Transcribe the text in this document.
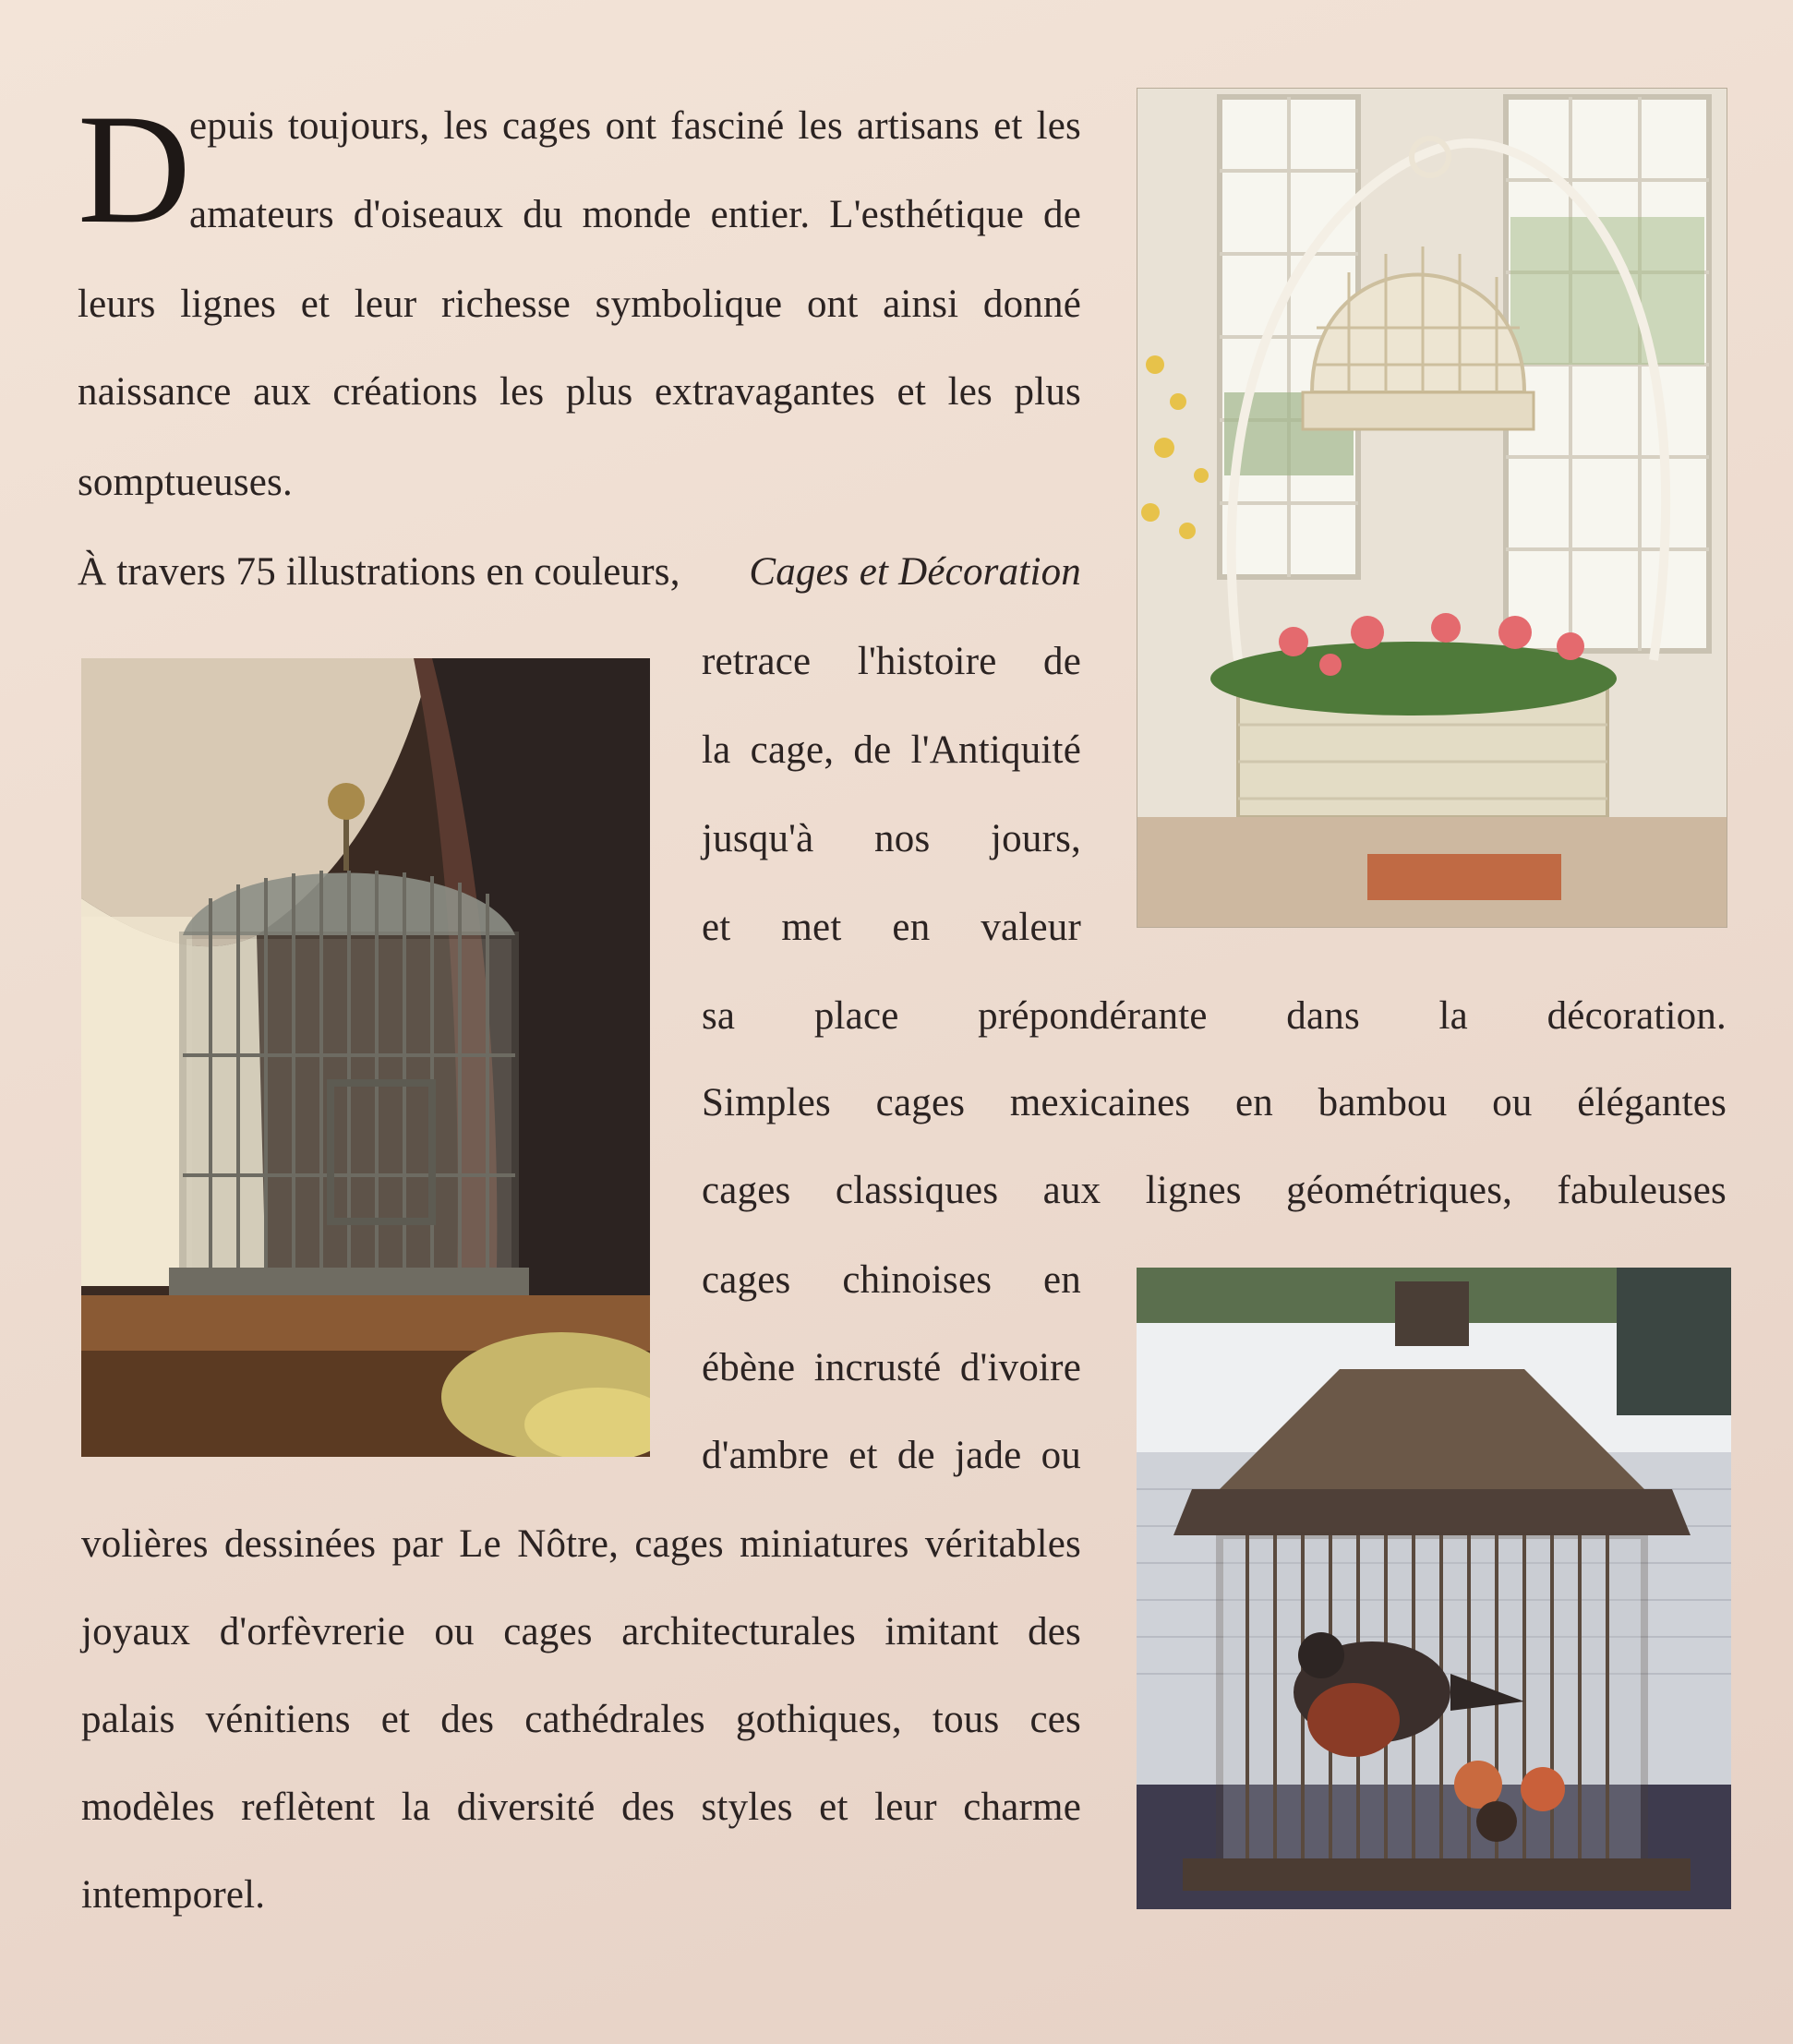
D
epuis toujours, les cages ont fasciné les artisans et les
amateurs d'oiseaux du monde entier. L'esthétique de
leurs lignes et leur richesse symbolique ont ainsi donné
naissance aux créations les plus extravagantes et les plus
somptueuses.
À travers 75 illustrations en couleurs, Cages et Décoration
retrace l'histoire de
la cage, de l'Antiquité
jusqu'à nos jours,
et met en valeur
sa place prépondérante dans la décoration.
Simples cages mexicaines en bambou ou élégantes
cages classiques aux lignes géométriques, fabuleuses
cages chinoises en
ébène incrusté d'ivoire
d'ambre et de jade ou
volières dessinées par Le Nôtre, cages miniatures véritables
joyaux d'orfèvrerie ou cages architecturales imitant des
palais vénitiens et des cathédrales gothiques, tous ces
modèles reflètent la diversité des styles et leur charme
intemporel.
